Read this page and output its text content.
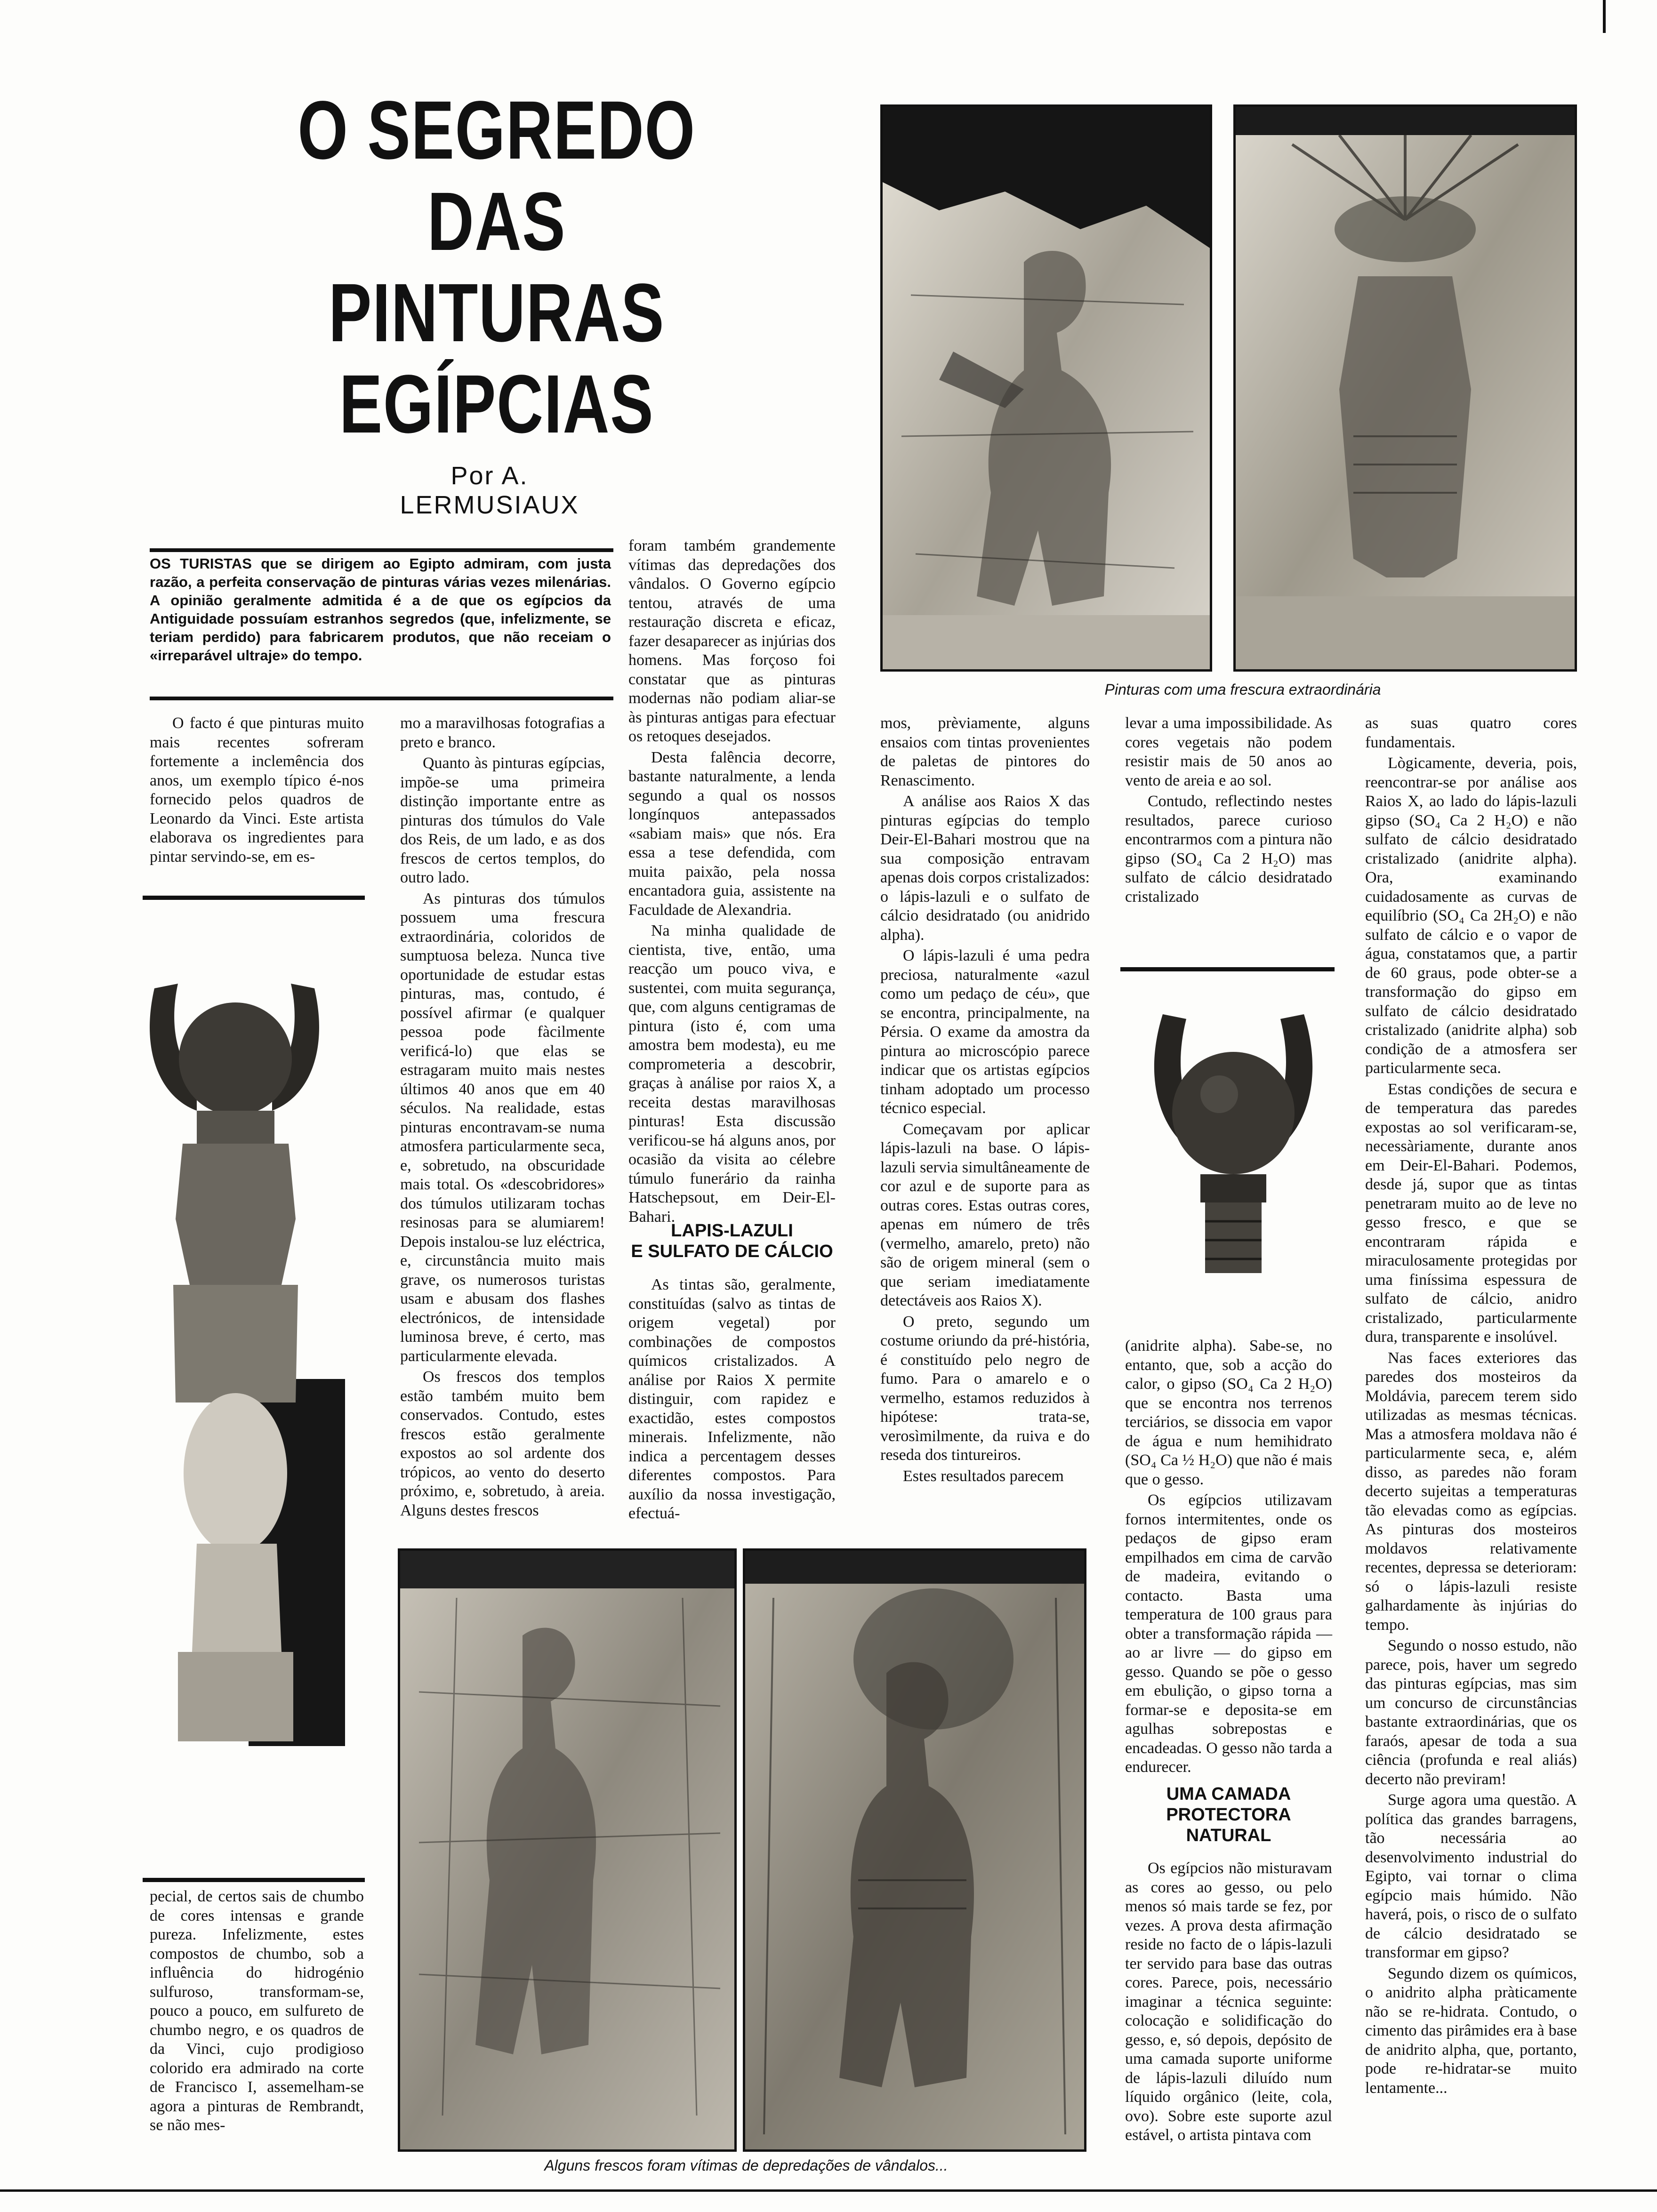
O SEGREDO
DAS
PINTURAS EGÍPCIAS
Por A. LERMUSIAUX
OS TURISTAS que se dirigem ao Egipto admiram, com justa razão, a perfeita conservação de pinturas várias vezes milenárias. A opinião geralmente admitida é a de que os egípcios da Antiguidade possuíam estranhos segredos (que, infelizmente, se teriam perdido) para fabricarem produtos, que não receiam o «irreparável ultraje» do tempo.
Pinturas com uma frescura extraordinária

O facto é que pinturas muito mais recentes sofreram fortemente a inclemência dos anos, um exemplo típico é-nos fornecido pelos quadros de Leonardo da Vinci. Este artista elaborava os ingredientes para pintar servindo-se, em es-

mo a maravilhosas fotografias a preto e branco.

Quanto às pinturas egípcias, impõe-se uma primeira distinção importante entre as pinturas dos túmulos do Vale dos Reis, de um lado, e as dos frescos de certos templos, do outro lado.

As pinturas dos túmulos possuem uma frescura extraordinária, coloridos de sumptuosa beleza. Nunca tive oportunidade de estudar estas pinturas, mas, contudo, é possível afirmar (e qualquer pessoa pode fàcilmente verificá-lo) que elas se estragaram muito mais nestes últimos 40 anos que em 40 séculos. Na realidade, estas pinturas encontravam-se numa atmosfera particularmente seca, e, sobretudo, na obscuridade mais total. Os «descobridores» dos túmulos utilizaram tochas resinosas para se alumiarem! Depois instalou-se luz eléctrica, e, circunstância muito mais grave, os numerosos turistas usam e abusam dos flashes electrónicos, de intensidade luminosa breve, é certo, mas particularmente elevada.

Os frescos dos templos estão também muito bem conservados. Contudo, estes frescos estão geralmente expostos ao sol ardente dos trópicos, ao vento do deserto próximo, e, sobretudo, à areia. Alguns destes frescos

foram também grandemente vítimas das depredações dos vândalos. O Governo egípcio tentou, através de uma restauração discreta e eficaz, fazer desaparecer as injúrias dos homens. Mas forçoso foi constatar que as pinturas modernas não podiam aliar-se às pinturas antigas para efectuar os retoques desejados.

Desta falência decorre, bastante naturalmente, a lenda segundo a qual os nossos longínquos antepassados «sabiam mais» que nós. Era essa a tese defendida, com muita paixão, pela nossa encantadora guia, assistente na Faculdade de Alexandria.

Na minha qualidade de cientista, tive, então, uma reacção um pouco viva, e sustentei, com muita segurança, que, com alguns centigramas de pintura (isto é, com uma amostra bem modesta), eu me comprometeria a descobrir, graças à análise por raios X, a receita destas maravilhosas pinturas! Esta discussão verificou-se há alguns anos, por ocasião da visita ao célebre túmulo funerário da rainha Hatschepsout, em Deir-El-Bahari.

LAPIS-LAZULI
E SULFATO DE CÁLCIO

As tintas são, geralmente, constituídas (salvo as tintas de origem vegetal) por combinações de compostos químicos cristalizados. A análise por Raios X permite distinguir, com rapidez e exactidão, estes compostos minerais. Infelizmente, não indica a percentagem desses diferentes compostos. Para auxílio da nossa investigação, efectuá-

mos, prèviamente, alguns ensaios com tintas provenientes de paletas de pintores do Renascimento.

A análise aos Raios X das pinturas egípcias do templo Deir-El-Bahari mostrou que na sua composição entravam apenas dois corpos cristalizados: o lápis-lazuli e o sulfato de cálcio desidratado (ou anidrido alpha).

O lápis-lazuli é uma pedra preciosa, naturalmente «azul como um pedaço de céu», que se encontra, principalmente, na Pérsia. O exame da amostra da pintura ao microscópio parece indicar que os artistas egípcios tinham adoptado um processo técnico especial.

Começavam por aplicar lápis-lazuli na base. O lápis-lazuli servia simultâneamente de cor azul e de suporte para as outras cores. Estas outras cores, apenas em número de três (vermelho, amarelo, preto) não são de origem mineral (sem o que seriam imediatamente detectáveis aos Raios X).

O preto, segundo um costume oriundo da pré-história, é constituído pelo negro de fumo. Para o amarelo e o vermelho, estamos reduzidos à hipótese: trata-se, verosìmilmente, da ruiva e do reseda dos tintureiros.

Estes resultados parecem

levar a uma impossibilidade. As cores vegetais não podem resistir mais de 50 anos ao vento de areia e ao sol.

Contudo, reflectindo nestes resultados, parece curioso encontrarmos com a pintura não gipso (SO₄ Ca 2 H₂O) mas sulfato de cálcio desidratado cristalizado

(anidrite alpha). Sabe-se, no entanto, que, sob a acção do calor, o gipso (SO₄ Ca 2 H₂O) que se encontra nos terrenos terciários, se dissocia em vapor de água e num hemihidrato (SO₄ Ca ½ H₂O) que não é mais que o gesso.

Os egípcios utilizavam fornos intermitentes, onde os pedaços de gipso eram empilhados em cima de carvão de madeira, evitando o contacto. Basta uma temperatura de 100 graus para obter a transformação rápida — ao ar livre — do gipso em gesso. Quando se põe o gesso em ebulição, o gipso torna a formar-se e deposita-se em agulhas sobrepostas e encadeadas. O gesso não tarda a endurecer.

UMA CAMADA
PROTECTORA
NATURAL

Os egípcios não misturavam as cores ao gesso, ou pelo menos só mais tarde se fez, por vezes. A prova desta afirmação reside no facto de o lápis-lazuli ter servido para base das outras cores. Parece, pois, necessário imaginar a técnica seguinte: colocação e solidificação do gesso, e, só depois, depósito de uma camada suporte uniforme de lápis-lazuli diluído num líquido orgânico (leite, cola, ovo). Sobre este suporte azul estável, o artista pintava com

as suas quatro cores fundamentais.

Lògicamente, deveria, pois, reencontrar-se por análise aos Raios X, ao lado do lápis-lazuli gipso (SO₄ Ca 2 H₂O) e não sulfato de cálcio desidratado cristalizado (anidrite alpha). Ora, examinando cuidadosamente as curvas de equilíbrio (SO₄ Ca 2H₂O) e não sulfato de cálcio e o vapor de água, constatamos que, a partir de 60 graus, pode obter-se a transformação do gipso em sulfato de cálcio desidratado cristalizado (anidrite alpha) sob condição de a atmosfera ser particularmente seca.

Estas condições de secura e de temperatura das paredes expostas ao sol verificaram-se, necessàriamente, durante anos em Deir-El-Bahari. Podemos, desde já, supor que as tintas penetraram muito ao de leve no gesso fresco, e que se encontraram rápida e miraculosamente protegidas por uma finíssima espessura de sulfato de cálcio, anidro cristalizado, particularmente dura, transparente e insolúvel.

Nas faces exteriores das paredes dos mosteiros da Moldávia, parecem terem sido utilizadas as mesmas técnicas. Mas a atmosfera moldava não é particularmente seca, e, além disso, as paredes não foram decerto sujeitas a temperaturas tão elevadas como as egípcias. As pinturas dos mosteiros moldavos relativamente recentes, depressa se deterioram: só o lápis-lazuli resiste galhardamente às injúrias do tempo.

Segundo o nosso estudo, não parece, pois, haver um segredo das pinturas egípcias, mas sim um concurso de circunstâncias bastante extraordinárias, que os faraós, apesar de toda a sua ciência (profunda e real aliás) decerto não previram!

Surge agora uma questão. A política das grandes barragens, tão necessária ao desenvolvimento industrial do Egipto, vai tornar o clima egípcio mais húmido. Não haverá, pois, o risco de o sulfato de cálcio desidratado se transformar em gipso?

Segundo dizem os químicos, o anidrito alpha pràticamente não se re-hidrata. Contudo, o cimento das pirâmides era à base de anidrito alpha, que, portanto, pode re-hidratar-se muito lentamente...

Alguns frescos foram vítimas de depredações de vândalos...

pecial, de certos sais de chumbo de cores intensas e grande pureza. Infelizmente, estes compostos de chumbo, sob a influência do hidrogénio sulfuroso, transformam-se, pouco a pouco, em sulfureto de chumbo negro, e os quadros de da Vinci, cujo prodigioso colorido era admirado na corte de Francisco I, assemelham-se agora a pinturas de Rembrandt, se não mes-
